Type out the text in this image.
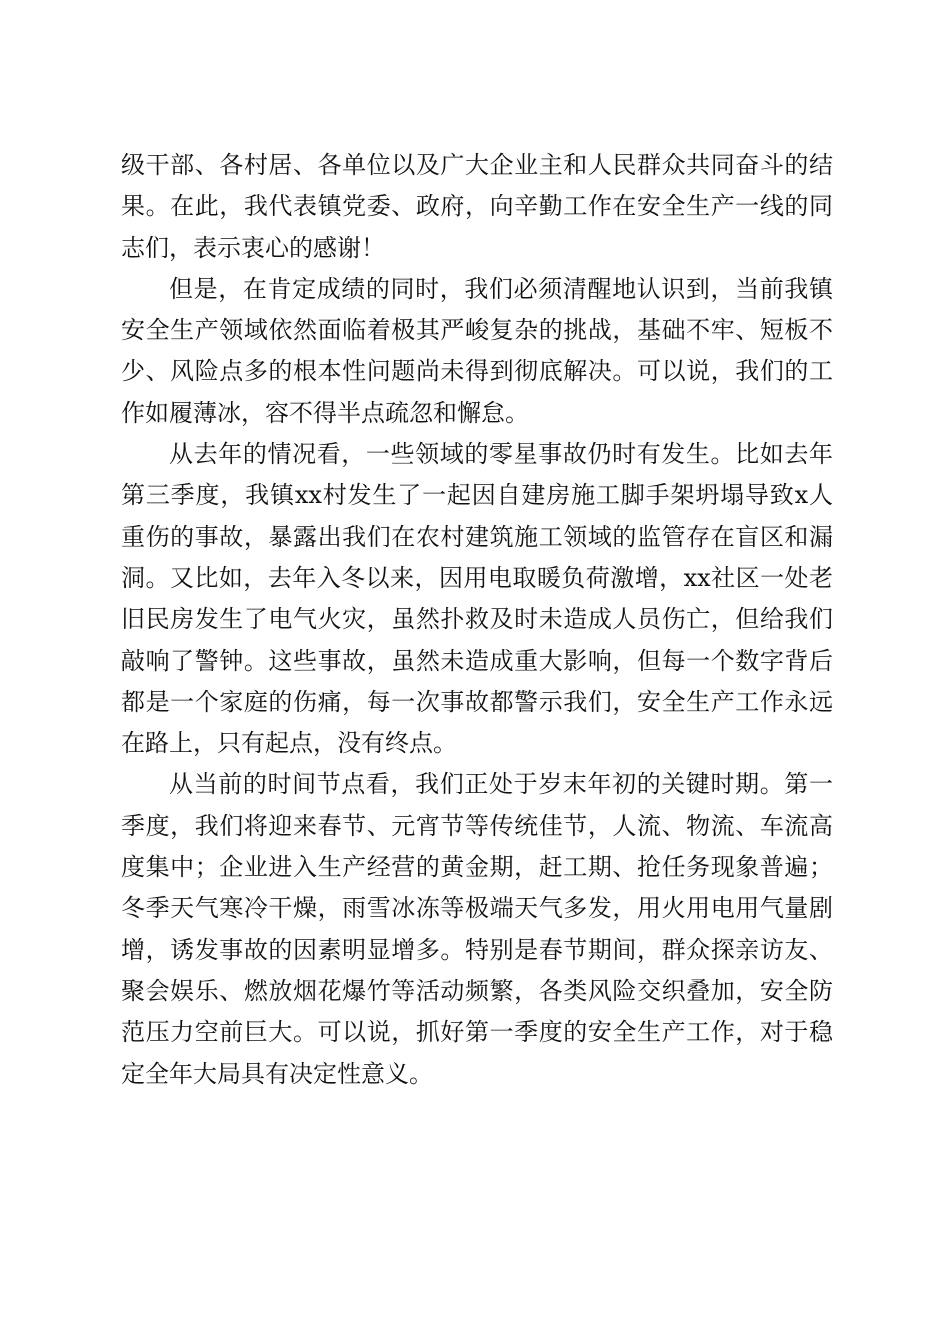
级干部、各村居、各单位以及广大企业主和人民群众共同奋斗的结果。在此，我代表镇党委、政府，向辛勤工作在安全生产一线的同志们，表示衷心的感谢！

但是，在肯定成绩的同时，我们必须清醒地认识到，当前我镇安全生产领域依然面临着极其严峻复杂的挑战，基础不牢、短板不少、风险点多的根本性问题尚未得到彻底解决。可以说，我们的工作如履薄冰，容不得半点疏忽和懈怠。

从去年的情况看，一些领域的零星事故仍时有发生。比如去年第三季度，我镇xx村发生了一起因自建房施工脚手架坍塌导致x人重伤的事故，暴露出我们在农村建筑施工领域的监管存在盲区和漏洞。又比如，去年入冬以来，因用电取暖负荷激增，xx社区一处老旧民房发生了电气火灾，虽然扑救及时未造成人员伤亡，但给我们敲响了警钟。这些事故，虽然未造成重大影响，但每一个数字背后都是一个家庭的伤痛，每一次事故都警示我们，安全生产工作永远在路上，只有起点，没有终点。

从当前的时间节点看，我们正处于岁末年初的关键时期。第一季度，我们将迎来春节、元宵节等传统佳节，人流、物流、车流高度集中；企业进入生产经营的黄金期，赶工期、抢任务现象普遍；冬季天气寒冷干燥，雨雪冰冻等极端天气多发，用火用电用气量剧增，诱发事故的因素明显增多。特别是春节期间，群众探亲访友、聚会娱乐、燃放烟花爆竹等活动频繁，各类风险交织叠加，安全防范压力空前巨大。可以说，抓好第一季度的安全生产工作，对于稳定全年大局具有决定性意义。
